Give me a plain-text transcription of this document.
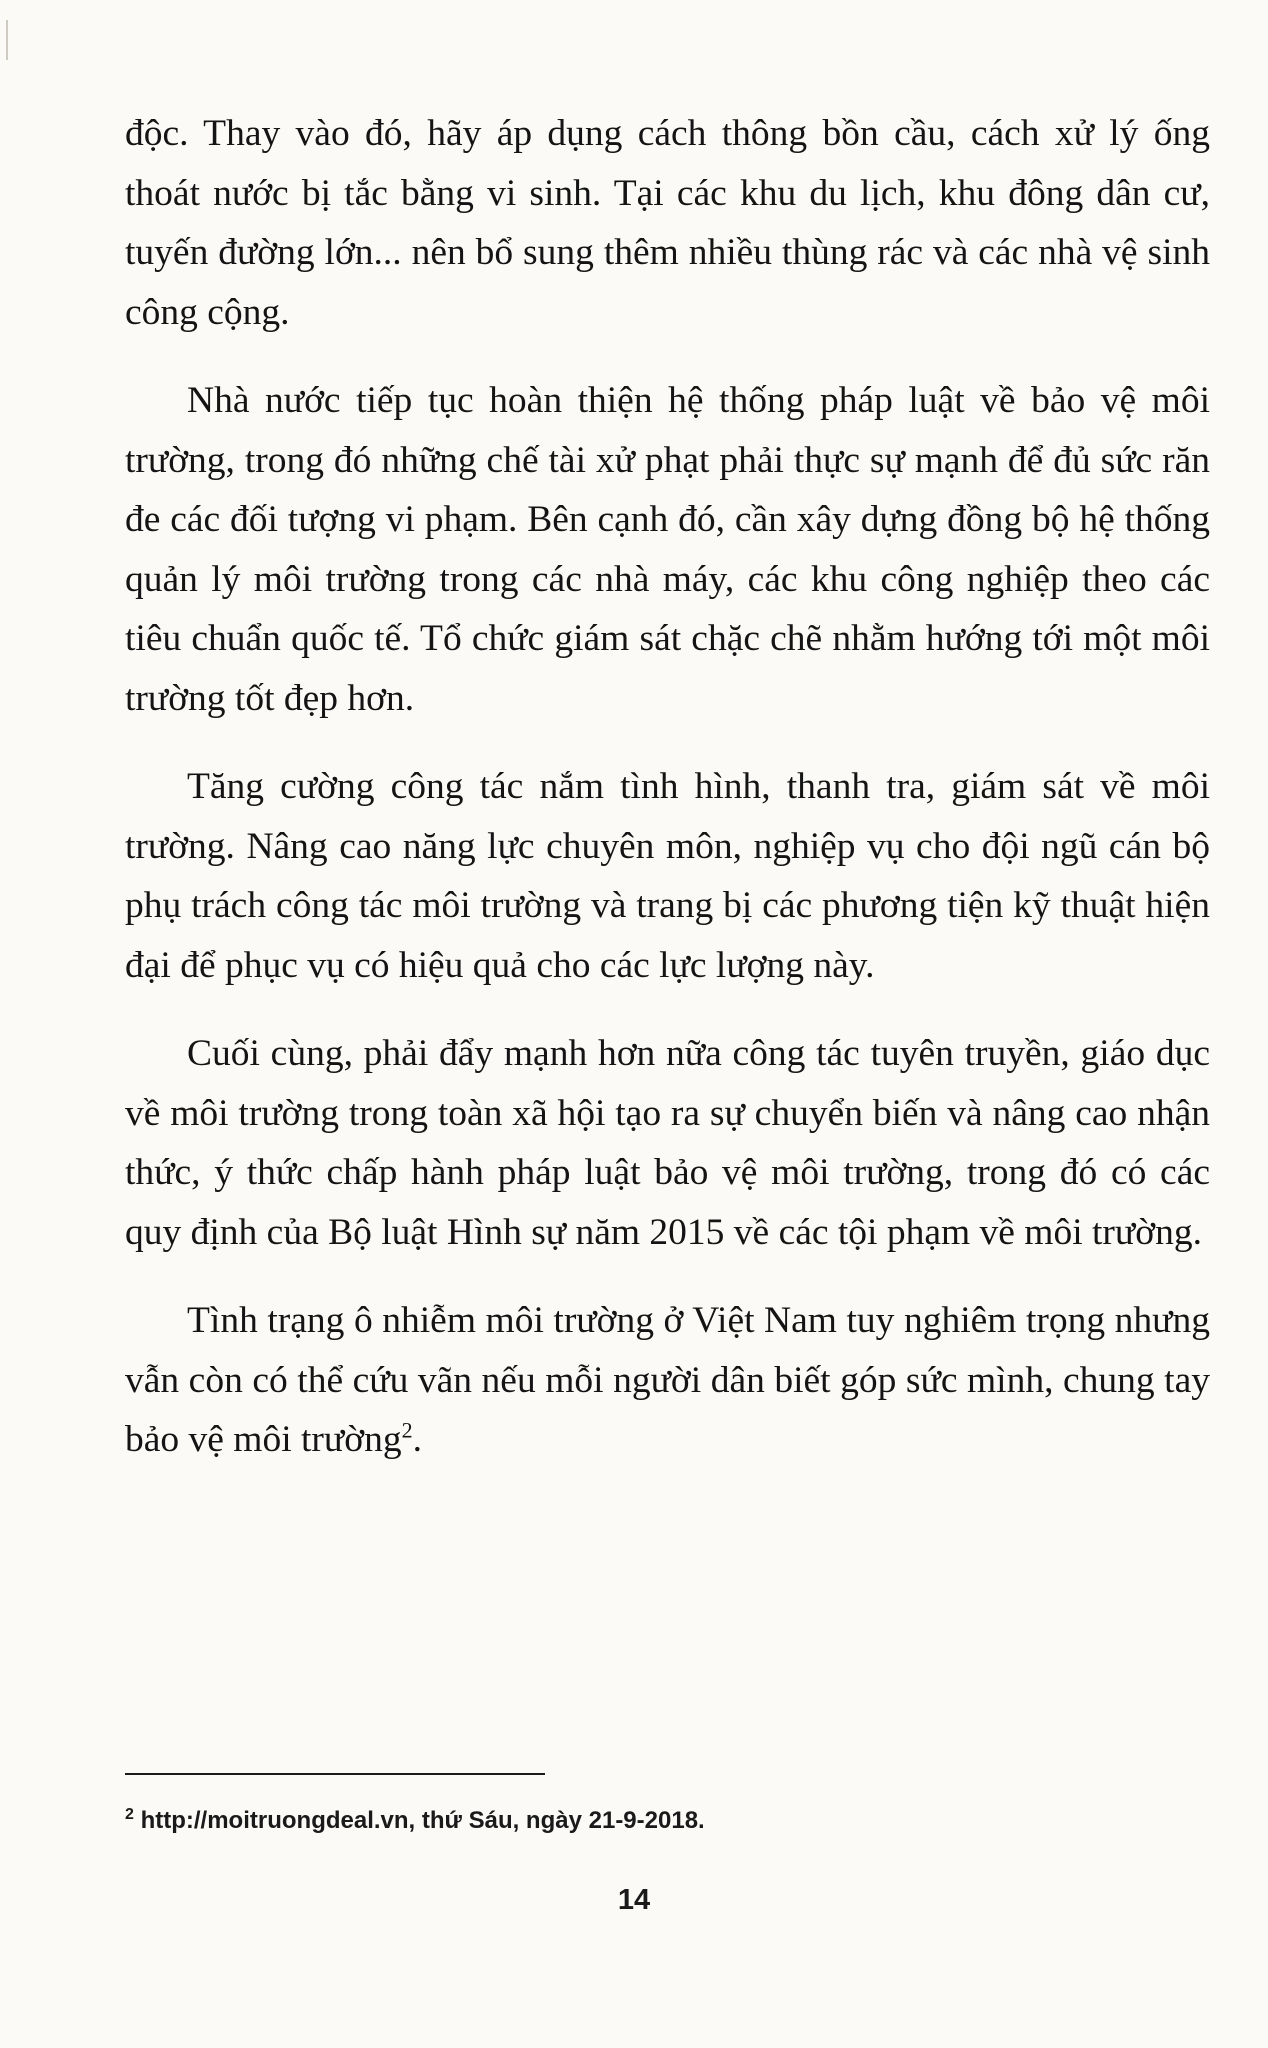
độc. Thay vào đó, hãy áp dụng cách thông bồn cầu, cách xử lý ống thoát nước bị tắc bằng vi sinh. Tại các khu du lịch, khu đông dân cư, tuyến đường lớn... nên bổ sung thêm nhiều thùng rác và các nhà vệ sinh công cộng.

Nhà nước tiếp tục hoàn thiện hệ thống pháp luật về bảo vệ môi trường, trong đó những chế tài xử phạt phải thực sự mạnh để đủ sức răn đe các đối tượng vi phạm. Bên cạnh đó, cần xây dựng đồng bộ hệ thống quản lý môi trường trong các nhà máy, các khu công nghiệp theo các tiêu chuẩn quốc tế. Tổ chức giám sát chặc chẽ nhằm hướng tới một môi trường tốt đẹp hơn.

Tăng cường công tác nắm tình hình, thanh tra, giám sát về môi trường. Nâng cao năng lực chuyên môn, nghiệp vụ cho đội ngũ cán bộ phụ trách công tác môi trường và trang bị các phương tiện kỹ thuật hiện đại để phục vụ có hiệu quả cho các lực lượng này.

Cuối cùng, phải đẩy mạnh hơn nữa công tác tuyên truyền, giáo dục về môi trường trong toàn xã hội tạo ra sự chuyển biến và nâng cao nhận thức, ý thức chấp hành pháp luật bảo vệ môi trường, trong đó có các quy định của Bộ luật Hình sự năm 2015 về các tội phạm về môi trường.

Tình trạng ô nhiễm môi trường ở Việt Nam tuy nghiêm trọng nhưng vẫn còn có thể cứu vãn nếu mỗi người dân biết góp sức mình, chung tay bảo vệ môi trường$^2$.

$^2$ http://moitruongdeal.vn, thứ Sáu, ngày 21-9-2018.
14
